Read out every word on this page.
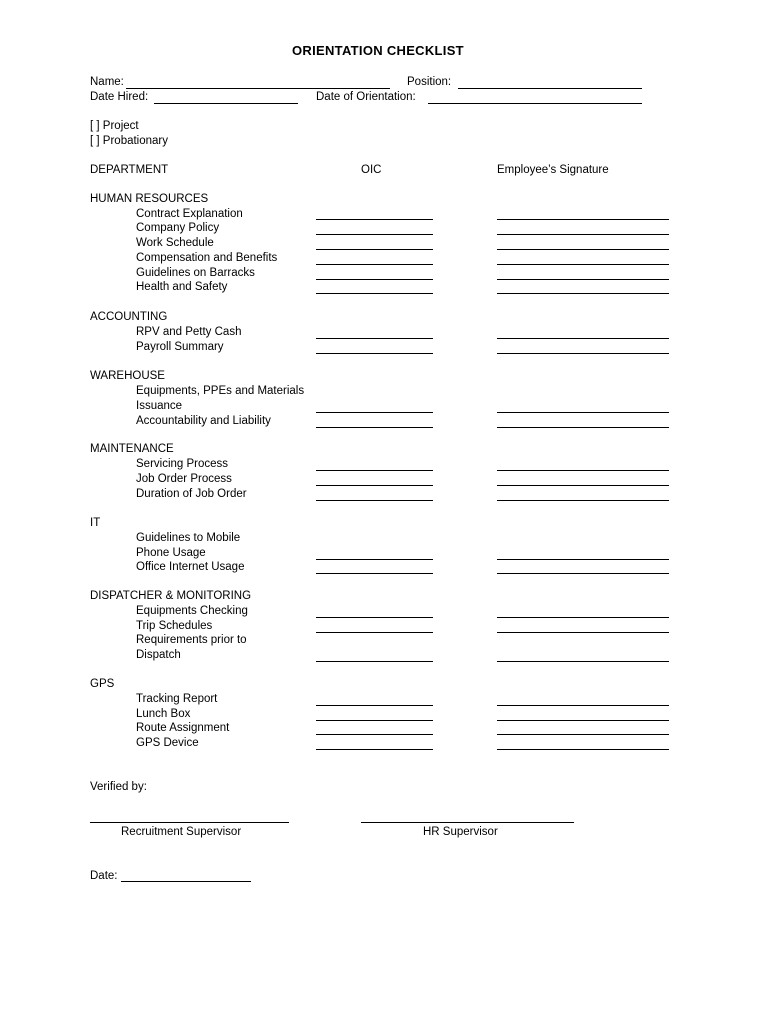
ORIENTATION CHECKLIST
Name:	Position:
Date Hired:	Date of Orientation:
[ ] Project
[ ] Probationary
DEPARTMENT	OIC	Employee’s Signature
HUMAN RESOURCES
Contract Explanation
Company Policy
Work Schedule
Compensation and Benefits
Guidelines on Barracks
Health and Safety
ACCOUNTING
RPV and Petty Cash
Payroll Summary
WAREHOUSE
Equipments, PPEs and Materials
Issuance
Accountability and Liability
MAINTENANCE
Servicing Process
Job Order Process
Duration of Job Order
IT
Guidelines to Mobile
Phone Usage
Office Internet Usage
DISPATCHER & MONITORING
Equipments Checking
Trip Schedules
Requirements prior to
Dispatch
GPS
Tracking Report
Lunch Box
Route Assignment
GPS Device
Verified by:
Recruitment Supervisor	HR Supervisor
Date:
